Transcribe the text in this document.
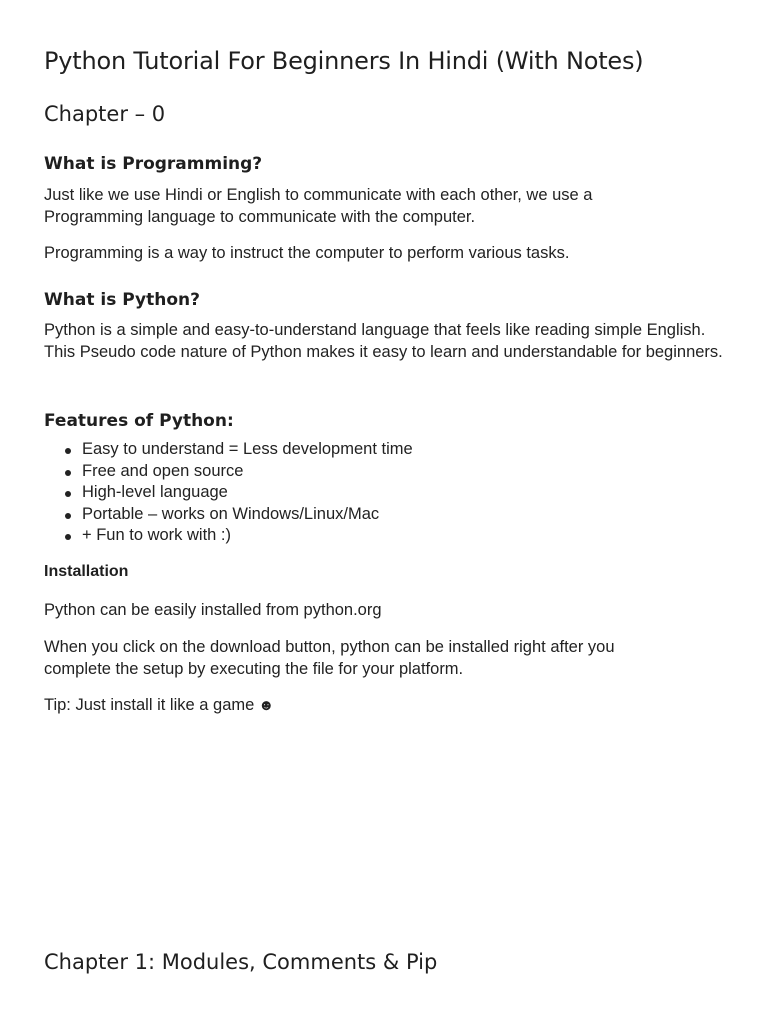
Python Tutorial For Beginners In Hindi (With Notes)
Chapter – 0
What is Programming?

Just like we use Hindi or English to communicate with each other, we use a Programming language to communicate with the computer.

Programming is a way to instruct the computer to perform various tasks.

What is Python?

Python is a simple and easy-to-understand language that feels like reading simple English. This Pseudo code nature of Python makes it easy to learn and understandable for beginners.

Features of Python:
Easy to understand = Less development time
Free and open source
High-level language
Portable – works on Windows/Linux/Mac
+ Fun to work with :)
Installation

Python can be easily installed from python.org

When you click on the download button, python can be installed right after you complete the setup by executing the file for your platform.

Tip: Just install it like a game ☻

Chapter 1: Modules, Comments & Pip
